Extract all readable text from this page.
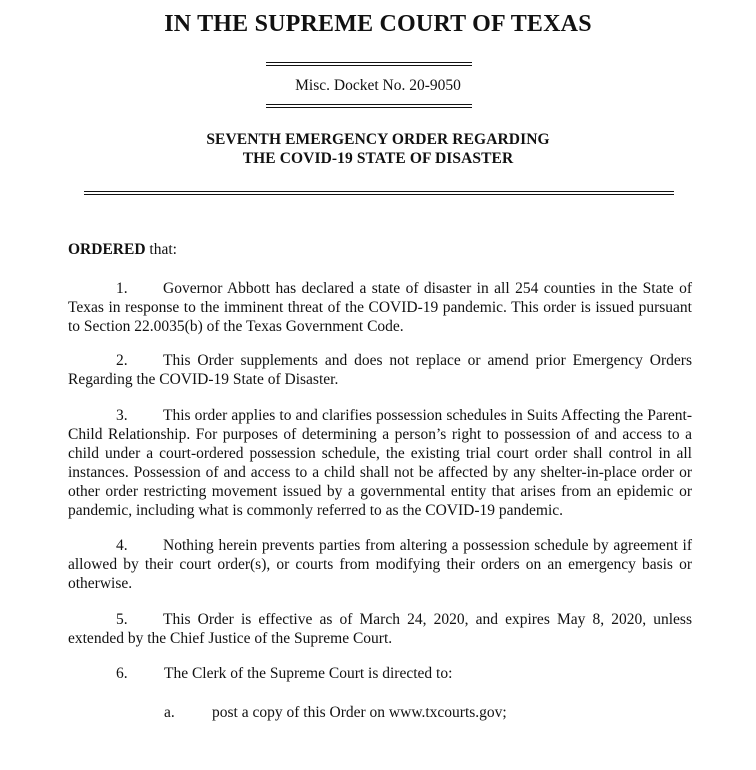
IN THE SUPREME COURT OF TEXAS
Misc. Docket No. 20-9050
SEVENTH EMERGENCY ORDER REGARDING
THE COVID-19 STATE OF DISASTER
ORDERED that:
1. Governor Abbott has declared a state of disaster in all 254 counties in the State of Texas in response to the imminent threat of the COVID-19 pandemic. This order is issued pursuant to Section 22.0035(b) of the Texas Government Code.
2. This Order supplements and does not replace or amend prior Emergency Orders Regarding the COVID-19 State of Disaster.
3. This order applies to and clarifies possession schedules in Suits Affecting the Parent-Child Relationship. For purposes of determining a person’s right to possession of and access to a child under a court-ordered possession schedule, the existing trial court order shall control in all instances. Possession of and access to a child shall not be affected by any shelter-in-place order or other order restricting movement issued by a governmental entity that arises from an epidemic or pandemic, including what is commonly referred to as the COVID-19 pandemic.
4. Nothing herein prevents parties from altering a possession schedule by agreement if allowed by their court order(s), or courts from modifying their orders on an emergency basis or otherwise.
5. This Order is effective as of March 24, 2020, and expires May 8, 2020, unless extended by the Chief Justice of the Supreme Court.
6. The Clerk of the Supreme Court is directed to:
a. post a copy of this Order on www.txcourts.gov;
